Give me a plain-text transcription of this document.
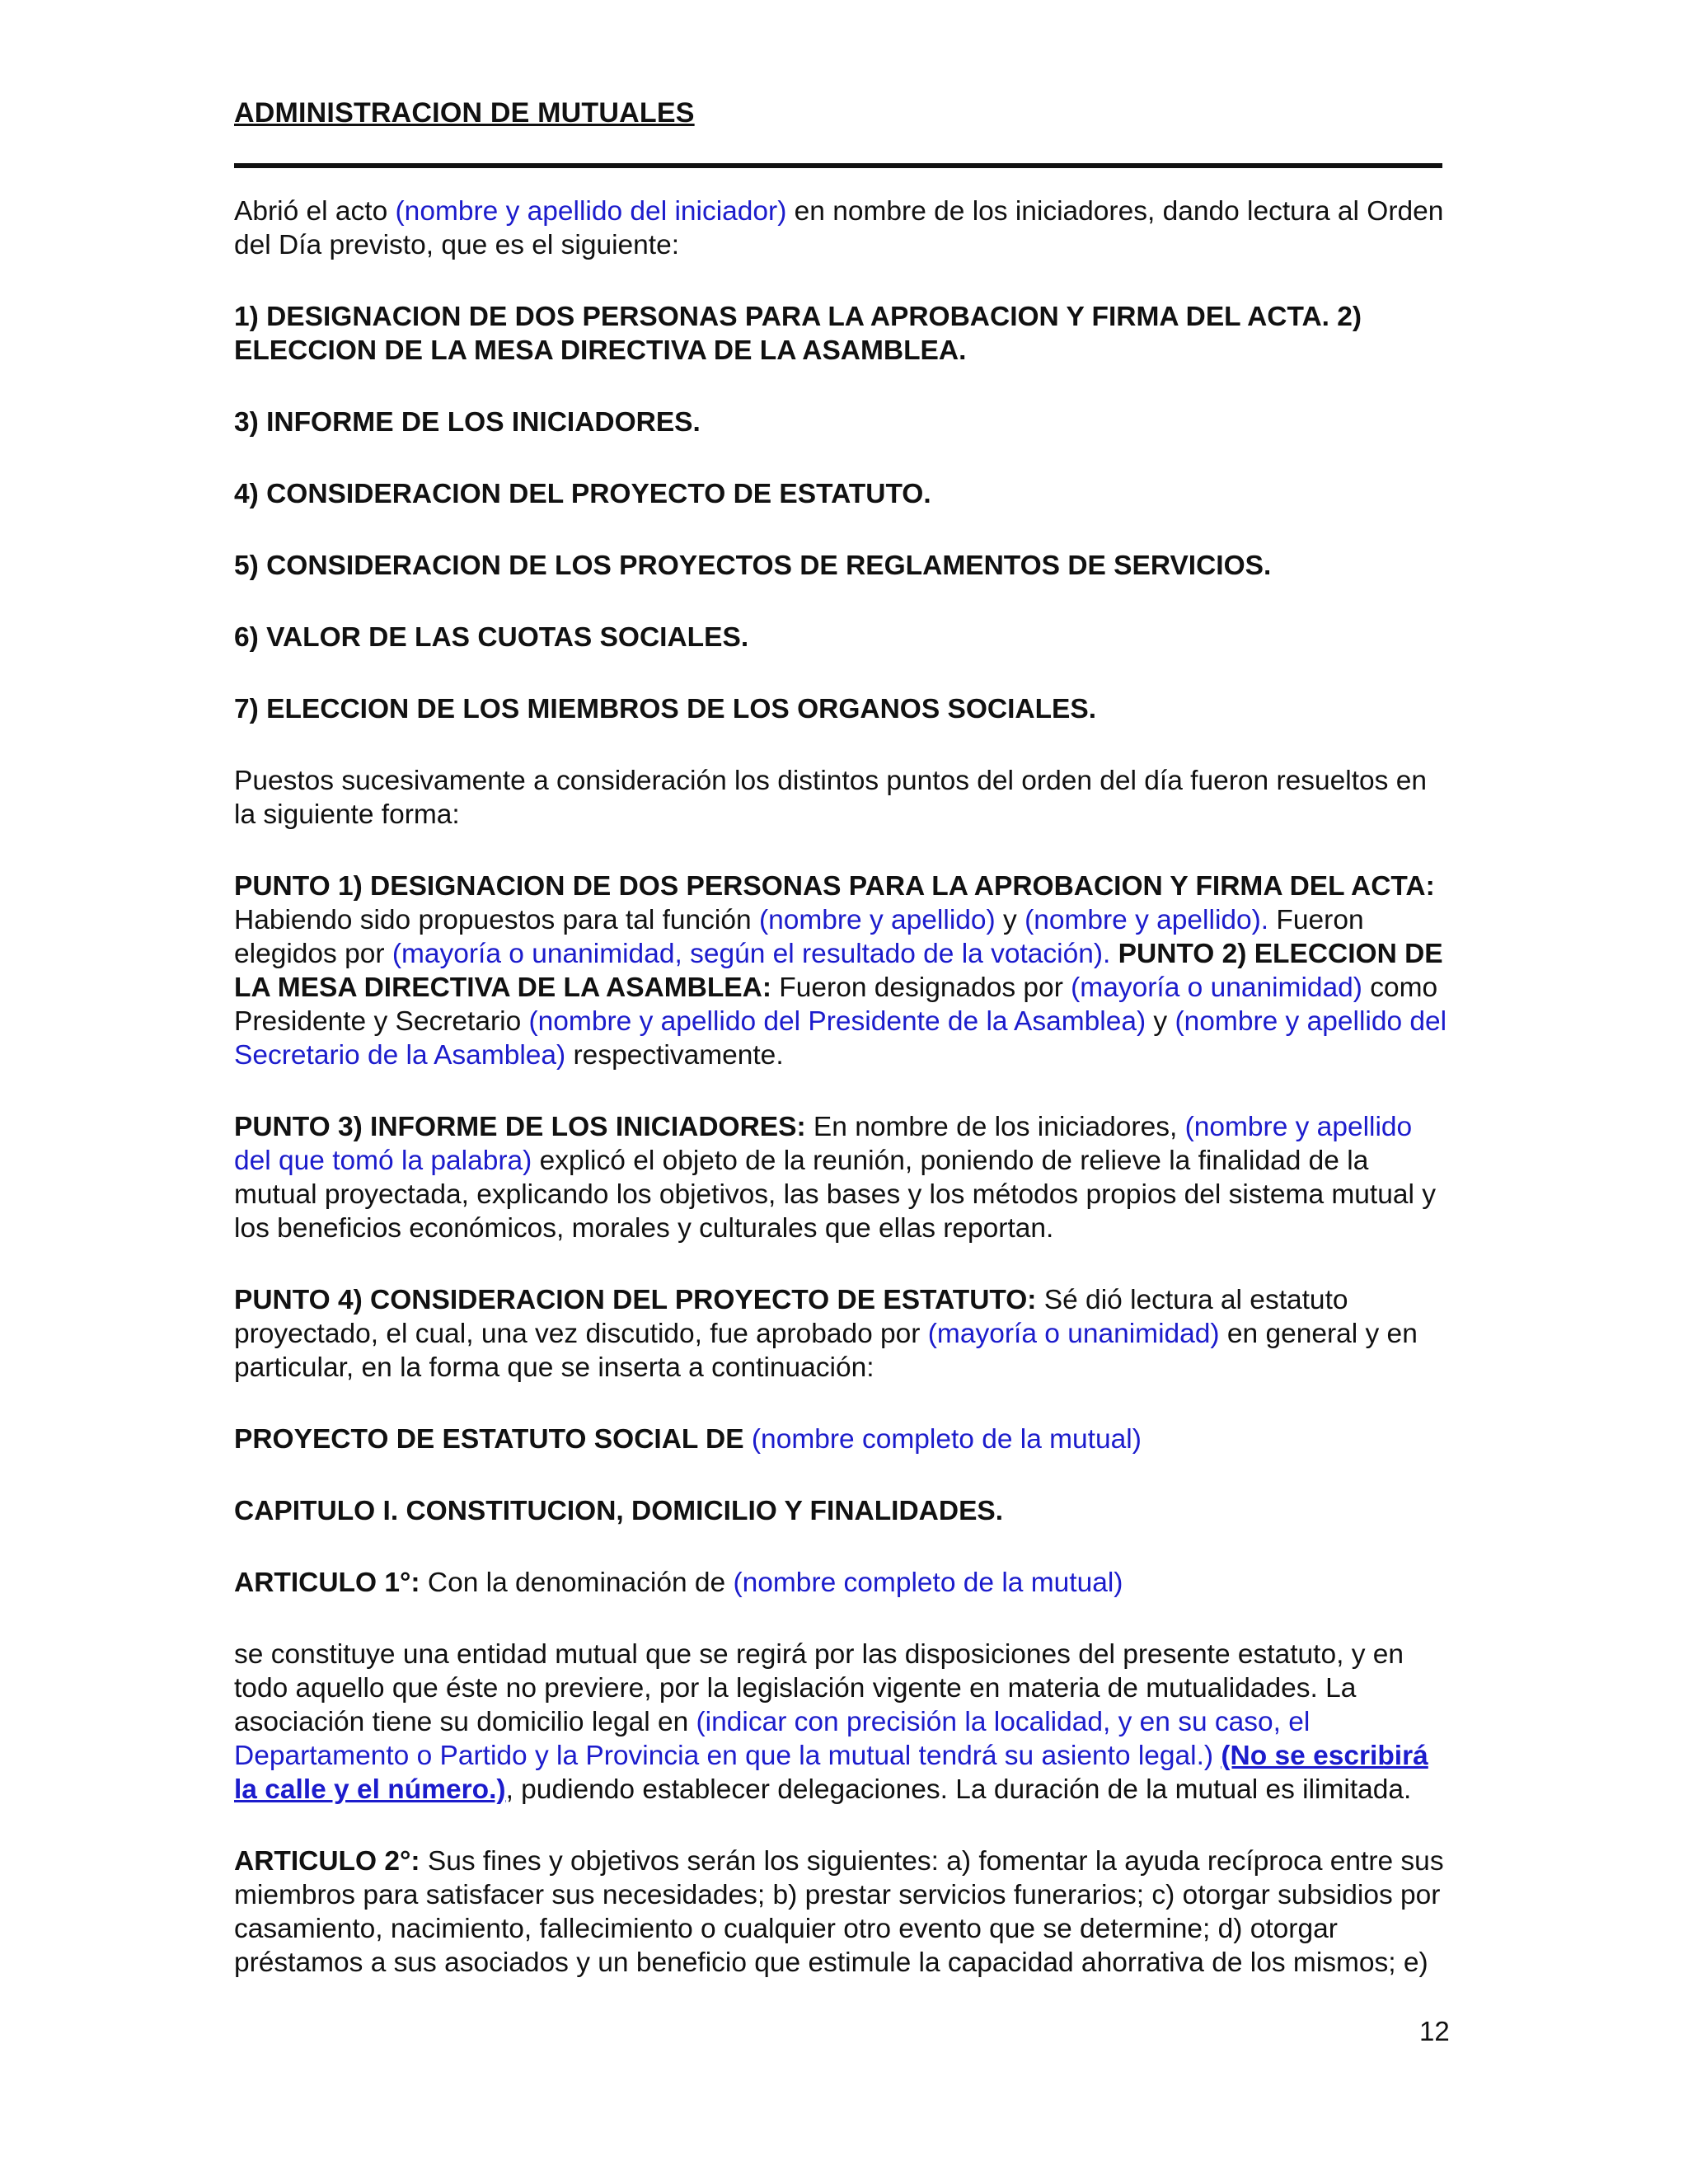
ADMINISTRACION DE MUTUALES

Abrió el acto (nombre y apellido del iniciador) en nombre de los iniciadores, dando lectura al Orden del Día previsto, que es el siguiente:

1) DESIGNACION DE DOS PERSONAS PARA LA APROBACION Y FIRMA DEL ACTA. 2) ELECCION DE LA MESA DIRECTIVA DE LA ASAMBLEA.

3) INFORME DE LOS INICIADORES.

4) CONSIDERACION DEL PROYECTO DE ESTATUTO.

5) CONSIDERACION DE LOS PROYECTOS DE REGLAMENTOS DE SERVICIOS.

6) VALOR DE LAS CUOTAS SOCIALES.

7) ELECCION DE LOS MIEMBROS DE LOS ORGANOS SOCIALES.

Puestos sucesivamente a consideración los distintos puntos del orden del día fueron resueltos en la siguiente forma:

PUNTO 1) DESIGNACION DE DOS PERSONAS PARA LA APROBACION Y FIRMA DEL ACTA: Habiendo sido propuestos para tal función (nombre y apellido) y (nombre y apellido). Fueron elegidos por (mayoría o unanimidad, según el resultado de la votación). PUNTO 2) ELECCION DE LA MESA DIRECTIVA DE LA ASAMBLEA: Fueron designados por (mayoría o unanimidad) como Presidente y Secretario (nombre y apellido del Presidente de la Asamblea) y (nombre y apellido del Secretario de la Asamblea) respectivamente.

PUNTO 3) INFORME DE LOS INICIADORES: En nombre de los iniciadores, (nombre y apellido del que tomó la palabra) explicó el objeto de la reunión, poniendo de relieve la finalidad de la mutual proyectada, explicando los objetivos, las bases y los métodos propios del sistema mutual y los beneficios económicos, morales y culturales que ellas reportan.

PUNTO 4) CONSIDERACION DEL PROYECTO DE ESTATUTO: Sé dió lectura al estatuto proyectado, el cual, una vez discutido, fue aprobado por (mayoría o unanimidad) en general y en particular, en la forma que se inserta a continuación:

PROYECTO DE ESTATUTO SOCIAL DE (nombre completo de la mutual)

CAPITULO I. CONSTITUCION, DOMICILIO Y FINALIDADES.

ARTICULO 1°: Con la denominación de (nombre completo de la mutual)

se constituye una entidad mutual que se regirá por las disposiciones del presente estatuto, y en todo aquello que éste no previere, por la legislación vigente en materia de mutualidades. La asociación tiene su domicilio legal en (indicar con precisión la localidad, y en su caso, el Departamento o Partido y la Provincia en que la mutual tendrá su asiento legal.) (No se escribirá la calle y el número.), pudiendo establecer delegaciones. La duración de la mutual es ilimitada.

ARTICULO 2°: Sus fines y objetivos serán los siguientes: a) fomentar la ayuda recíproca entre sus miembros para satisfacer sus necesidades; b) prestar servicios funerarios; c) otorgar subsidios por casamiento, nacimiento, fallecimiento o cualquier otro evento que se determine; d) otorgar préstamos a sus asociados y un beneficio que estimule la capacidad ahorrativa de los mismos; e)

12
